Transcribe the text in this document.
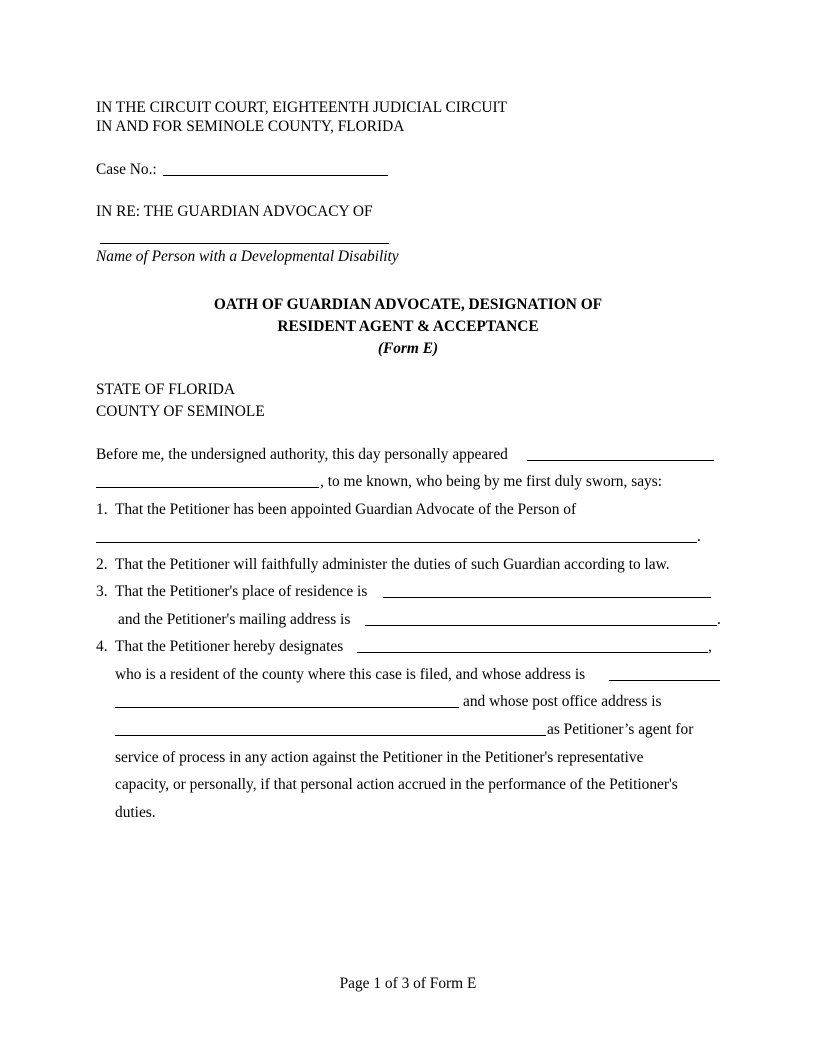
IN THE CIRCUIT COURT, EIGHTEENTH JUDICIAL CIRCUIT
IN AND FOR SEMINOLE COUNTY, FLORIDA
Case No.:
IN RE: THE GUARDIAN ADVOCACY OF
Name of Person with a Developmental Disability
OATH OF GUARDIAN ADVOCATE, DESIGNATION OF
RESIDENT AGENT & ACCEPTANCE
(Form E)
STATE OF FLORIDA
COUNTY OF SEMINOLE
Before me, the undersigned authority, this day personally appeared
, to me known, who being by me first duly sworn, says:
1.  That the Petitioner has been appointed Guardian Advocate of the Person of
.
2.  That the Petitioner will faithfully administer the duties of such Guardian according to law.
3.  That the Petitioner's place of residence is
and the Petitioner's mailing address is	.
4.  That the Petitioner hereby designates	,
who is a resident of the county where this case is filed, and whose address is
and whose post office address is
as Petitioner’s agent for
service of process in any action against the Petitioner in the Petitioner's representative
capacity, or personally, if that personal action accrued in the performance of the Petitioner's
duties.
Page 1 of 3 of Form E
